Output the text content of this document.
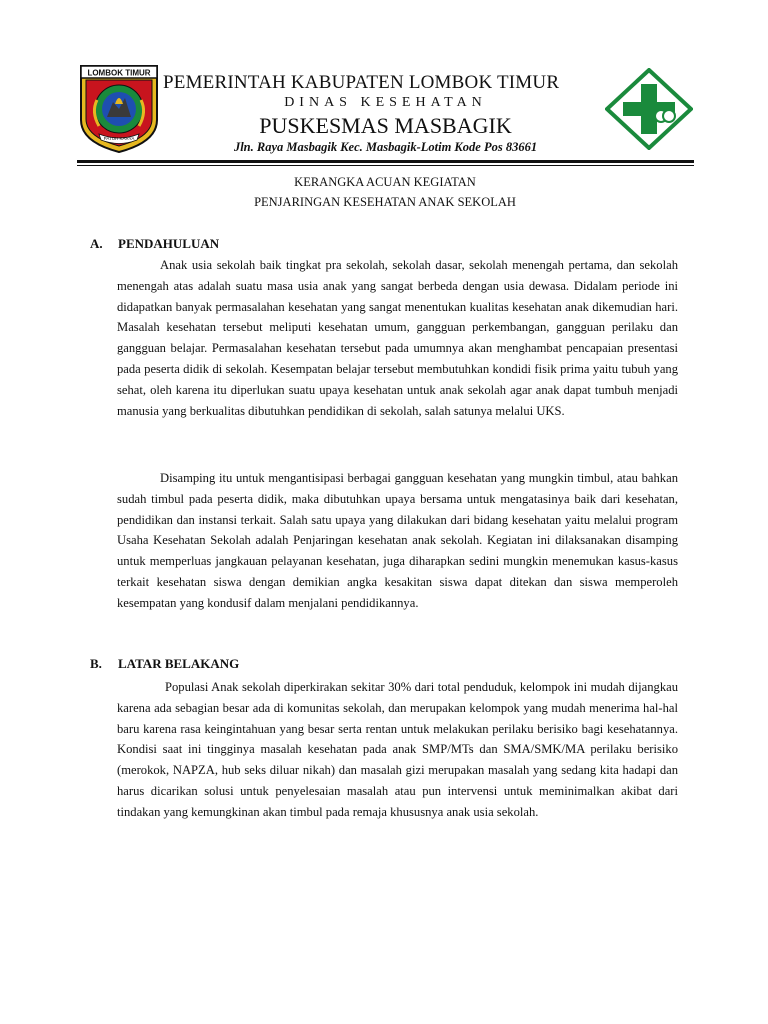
LOMBOK TIMUR
PATUH KARYA
PEMERINTAH KABUPATEN LOMBOK TIMUR
DINAS KESEHATAN
PUSKESMAS MASBAGIK
Jln. Raya Masbagik Kec. Masbagik-Lotim Kode Pos 83661
KERANGKA ACUAN KEGIATAN
PENJARINGAN KESEHATAN ANAK SEKOLAH
A. PENDAHULUAN

Anak usia sekolah baik tingkat pra sekolah, sekolah dasar, sekolah menengah pertama, dan sekolah menengah atas adalah suatu masa usia anak yang sangat berbeda dengan usia dewasa. Didalam periode ini didapatkan banyak permasalahan kesehatan yang sangat menentukan kualitas kesehatan anak dikemudian hari. Masalah kesehatan tersebut meliputi kesehatan umum, gangguan perkembangan, gangguan perilaku dan gangguan belajar. Permasalahan kesehatan tersebut pada umumnya akan menghambat pencapaian presentasi pada peserta didik di sekolah. Kesempatan belajar tersebut membutuhkan kondidi fisik prima yaitu tubuh yang sehat, oleh karena itu diperlukan suatu upaya kesehatan untuk anak sekolah agar anak dapat tumbuh menjadi manusia yang berkualitas dibutuhkan pendidikan di sekolah, salah satunya melalui UKS.

Disamping itu untuk mengantisipasi berbagai gangguan kesehatan yang mungkin timbul, atau bahkan sudah timbul pada peserta didik, maka dibutuhkan upaya bersama untuk mengatasinya baik dari kesehatan, pendidikan dan instansi terkait. Salah satu upaya yang dilakukan dari bidang kesehatan yaitu melalui program Usaha Kesehatan Sekolah adalah Penjaringan kesehatan anak sekolah. Kegiatan ini dilaksanakan disamping untuk memperluas jangkauan pelayanan kesehatan, juga diharapkan sedini mungkin menemukan kasus-kasus terkait kesehatan siswa dengan demikian angka kesakitan siswa dapat ditekan dan siswa memperoleh kesempatan yang kondusif dalam menjalani pendidikannya.

B. LATAR BELAKANG

Populasi Anak sekolah diperkirakan sekitar 30% dari total penduduk, kelompok ini mudah dijangkau karena ada sebagian besar ada di komunitas sekolah, dan merupakan kelompok yang mudah menerima hal-hal baru karena rasa keingintahuan yang besar serta rentan untuk melakukan perilaku berisiko bagi kesehatannya. Kondisi saat ini tingginya masalah kesehatan pada anak SMP/MTs dan SMA/SMK/MA perilaku berisiko (merokok, NAPZA, hub seks diluar nikah) dan masalah gizi merupakan masalah yang sedang kita hadapi dan harus dicarikan solusi untuk penyelesaian masalah atau pun intervensi untuk meminimalkan akibat dari tindakan yang kemungkinan akan timbul pada remaja khususnya anak usia sekolah.
